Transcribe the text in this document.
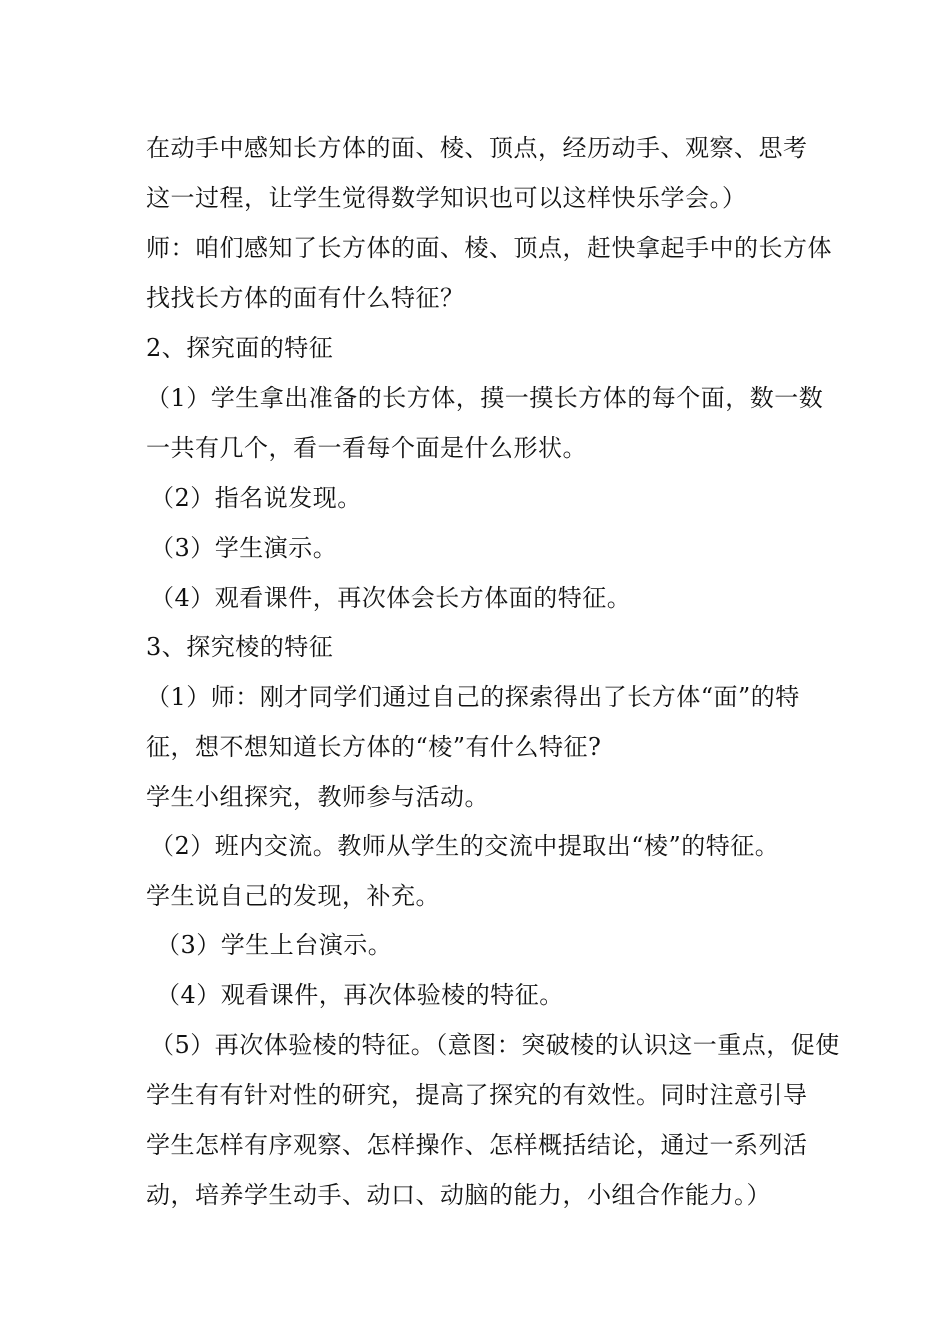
在动手中感知长方体的面、棱、顶点，经历动手、观察、思考
这一过程，让学生觉得数学知识也可以这样快乐学会。）
师：咱们感知了长方体的面、棱、顶点，赶快拿起手中的长方体
找找长方体的面有什么特征？
2、探究面的特征
（1）学生拿出准备的长方体，摸一摸长方体的每个面，数一数
一共有几个，看一看每个面是什么形状。
（2）指名说发现。
（3）学生演示。
（4）观看课件，再次体会长方体面的特征。
3、探究棱的特征
（1）师：刚才同学们通过自己的探索得出了长方体“面”的特
征，想不想知道长方体的“棱”有什么特征?
学生小组探究，教师参与活动。
（2）班内交流。教师从学生的交流中提取出“棱”的特征。
学生说自己的发现，补充。
（3）学生上台演示。
（4）观看课件，再次体验棱的特征。
（5）再次体验棱的特征。（意图：突破棱的认识这一重点，促使
学生有有针对性的研究，提高了探究的有效性。同时注意引导
学生怎样有序观察、怎样操作、怎样概括结论，通过一系列活
动，培养学生动手、动口、动脑的能力，小组合作能力。）
